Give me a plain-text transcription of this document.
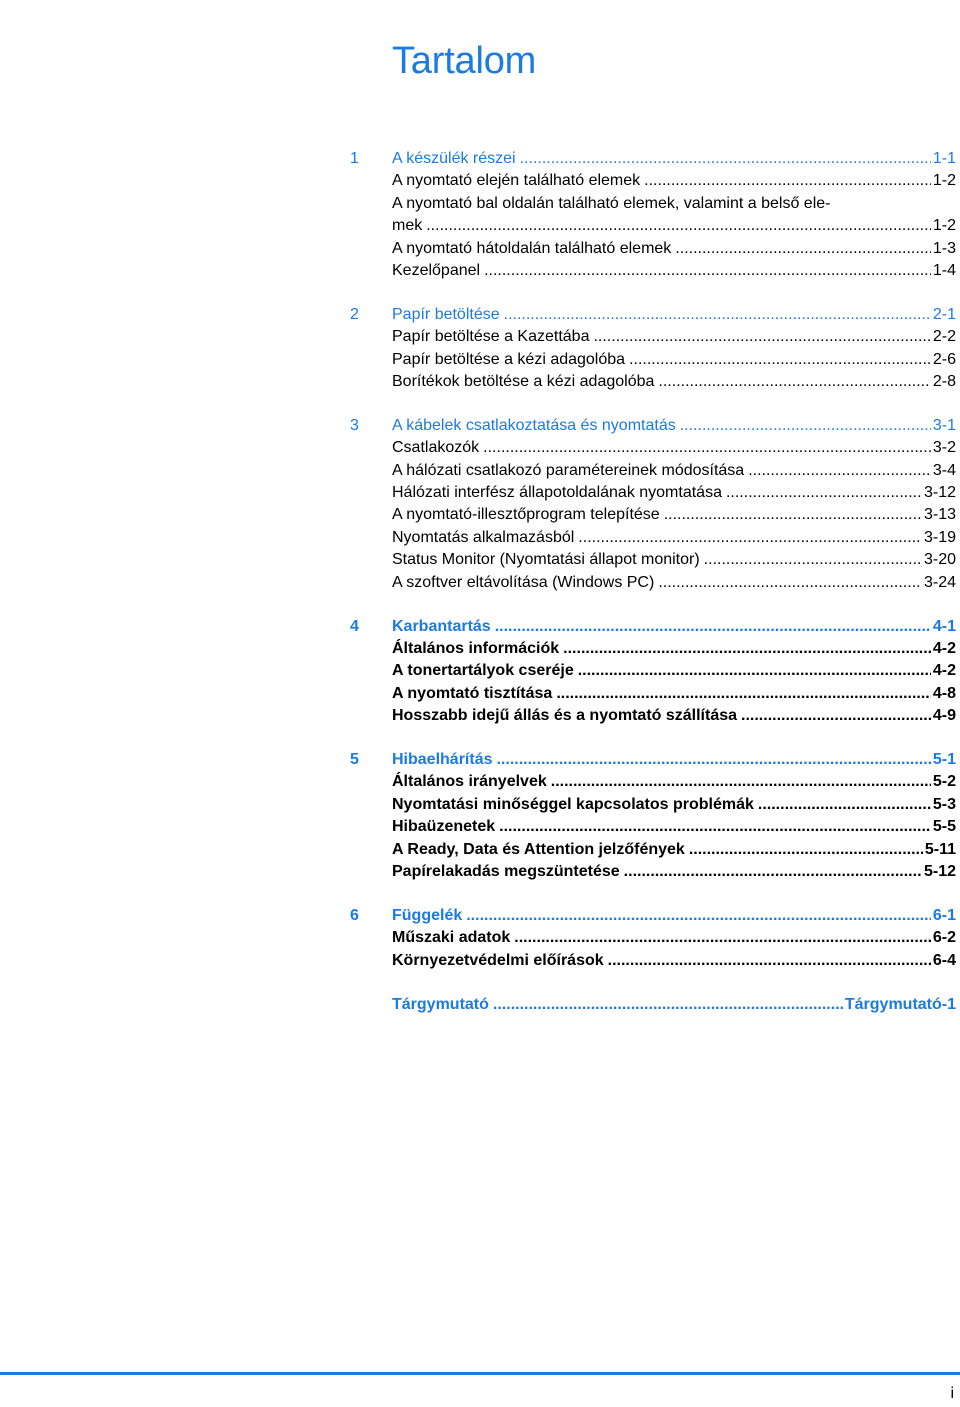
Tartalom
1	A készülék részei .....	1-1
A nyomtató elején található elemek .....	1-2
A nyomtató bal oldalán található elemek, valamint a belső ele-
mek .....	1-2
A nyomtató hátoldalán található elemek .....	1-3
Kezelőpanel .....	1-4
2	Papír betöltése .....	2-1
Papír betöltése a Kazettába .....	2-2
Papír betöltése a kézi adagolóba .....	2-6
Borítékok betöltése a kézi adagolóba .....	2-8
3	A kábelek csatlakoztatása és nyomtatás .....	3-1
Csatlakozók .....	3-2
A hálózati csatlakozó paramétereinek módosítása .....	3-4
Hálózati interfész állapotoldalának nyomtatása .....	3-12
A nyomtató-illesztőprogram telepítése .....	3-13
Nyomtatás alkalmazásból .....	3-19
Status Monitor (Nyomtatási állapot monitor) .....	3-20
A szoftver eltávolítása (Windows PC) .....	3-24
4	Karbantartás .....	4-1
Általános információk .....	4-2
A tonertartályok cseréje .....	4-2
A nyomtató tisztítása .....	4-8
Hosszabb idejű állás és a nyomtató szállítása .....	4-9
5	Hibaelhárítás .....	5-1
Általános irányelvek .....	5-2
Nyomtatási minőséggel kapcsolatos problémák .....	5-3
Hibaüzenetek .....	5-5
A Ready, Data és Attention jelzőfények .....	5-11
Papírelakadás megszüntetése .....	5-12
6	Függelék .....	6-1
Műszaki adatok .....	6-2
Környezetvédelmi előírások .....	6-4
Tárgymutató .....	Tárgymutató-1
i
